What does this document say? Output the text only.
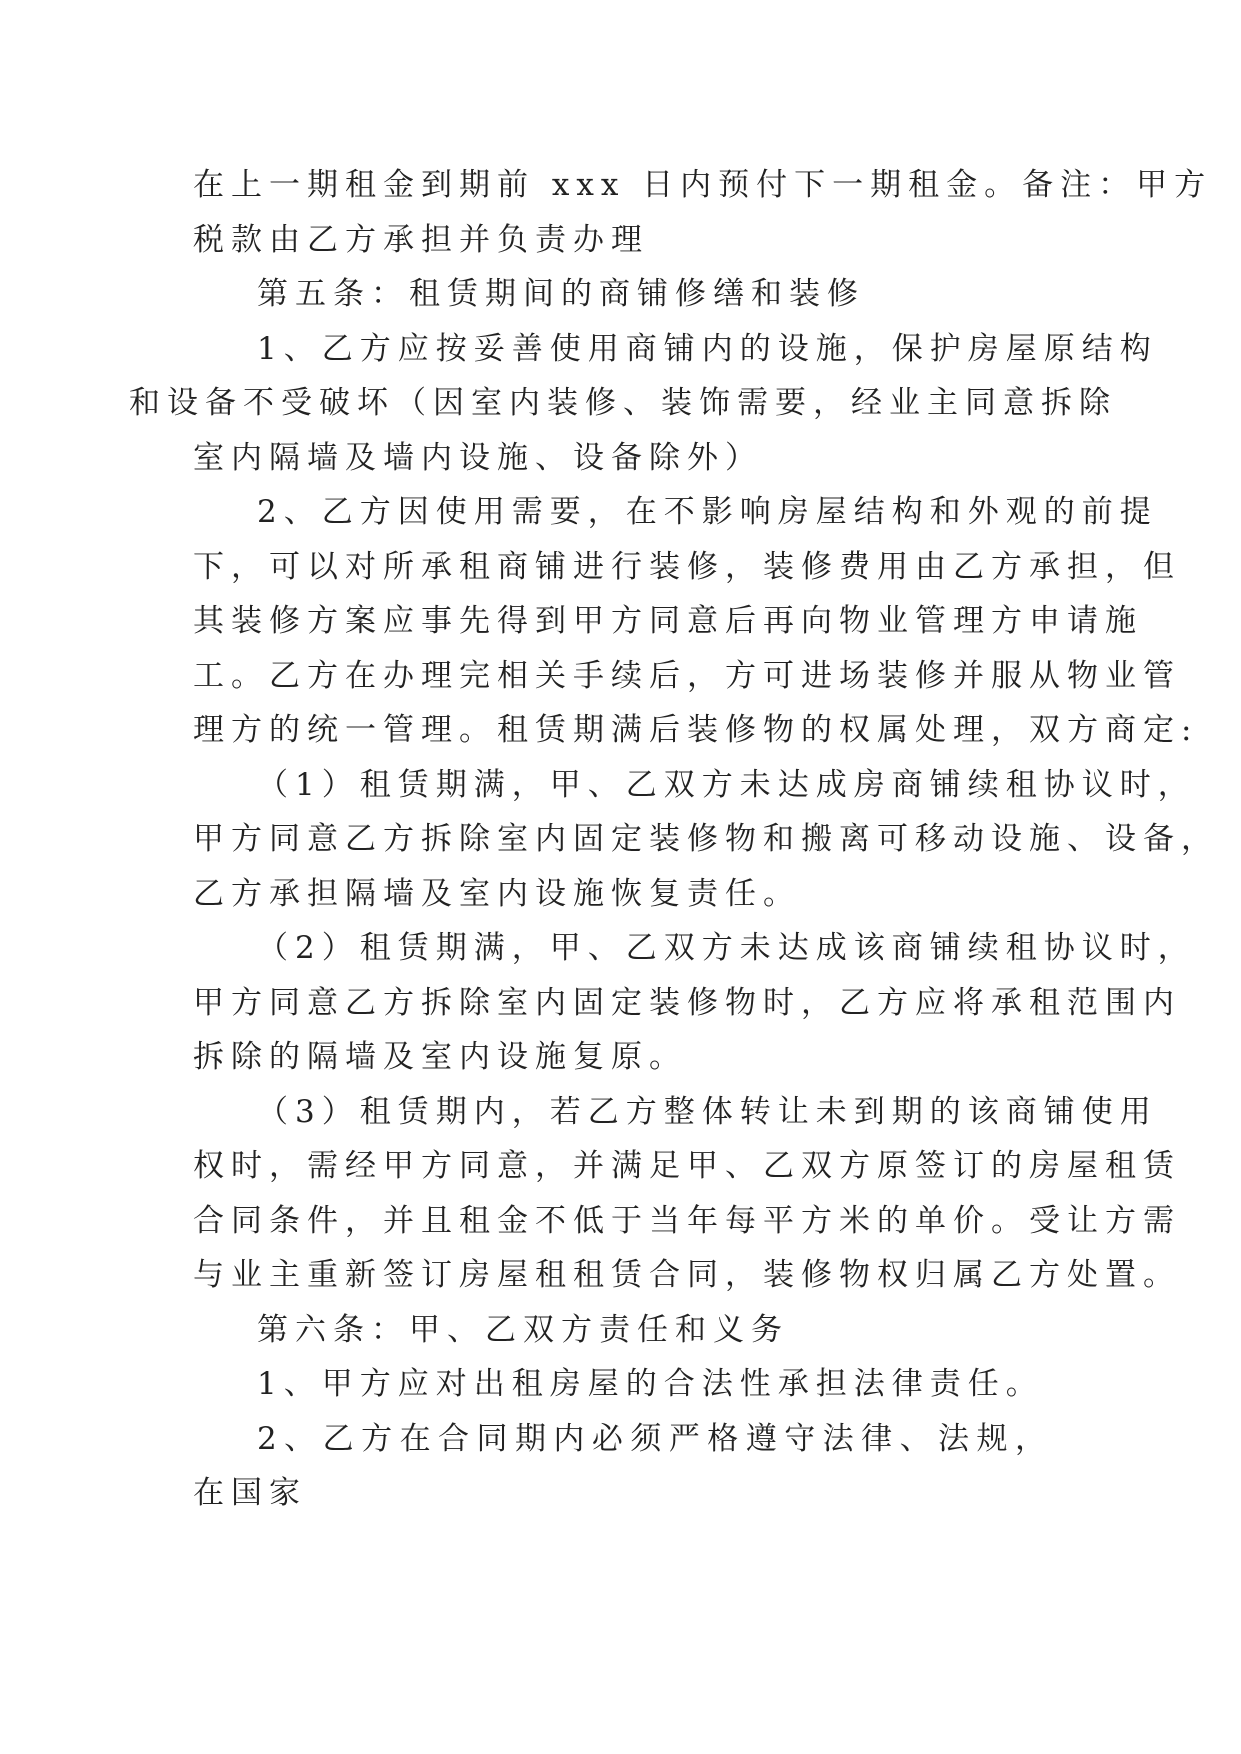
在上一期租金到期前 xxx 日内预付下一期租金。备注：甲方
税款由乙方承担并负责办理

第五条：租赁期间的商铺修缮和装修

1、乙方应按妥善使用商铺内的设施，保护房屋原结构
和设备不受破坏（因室内装修、装饰需要，经业主同意拆除
室内隔墙及墙内设施、设备除外）

2、乙方因使用需要，在不影响房屋结构和外观的前提
下，可以对所承租商铺进行装修，装修费用由乙方承担，但
其装修方案应事先得到甲方同意后再向物业管理方申请施
工。乙方在办理完相关手续后，方可进场装修并服从物业管
理方的统一管理。租赁期满后装修物的权属处理，双方商定:

（1）租赁期满，甲、乙双方未达成房商铺续租协议时，
甲方同意乙方拆除室内固定装修物和搬离可移动设施、设备，
乙方承担隔墙及室内设施恢复责任。

（2）租赁期满，甲、乙双方未达成该商铺续租协议时，
甲方同意乙方拆除室内固定装修物时，乙方应将承租范围内
拆除的隔墙及室内设施复原。

（3）租赁期内，若乙方整体转让未到期的该商铺使用
权时，需经甲方同意，并满足甲、乙双方原签订的房屋租赁
合同条件，并且租金不低于当年每平方米的单价。受让方需
与业主重新签订房屋租租赁合同，装修物权归属乙方处置。

第六条：甲、乙双方责任和义务

1、甲方应对出租房屋的合法性承担法律责任。

2、乙方在合同期内必须严格遵守法律、法规，在国家
